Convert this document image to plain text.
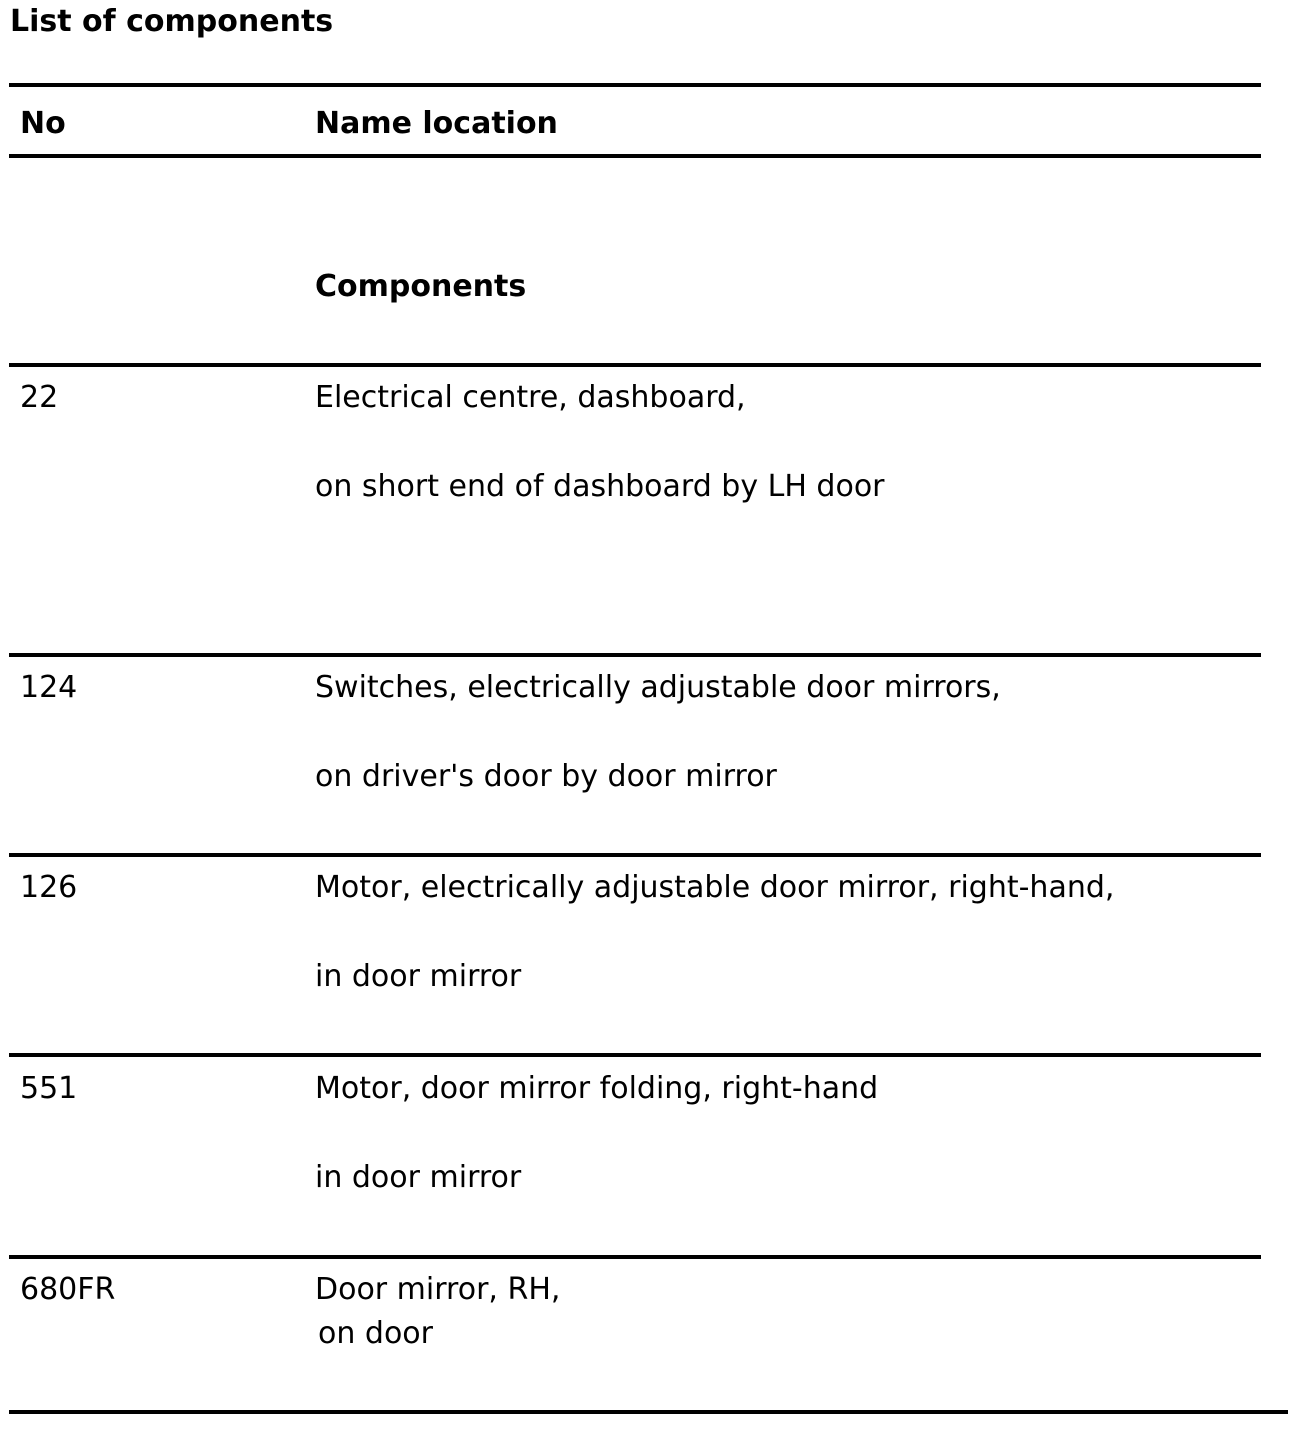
List of components
No	Name location
Components
22	Electrical centre, dashboard,
on short end of dashboard by LH door
124	Switches, electrically adjustable door mirrors,
on driver's door by door mirror
126	Motor, electrically adjustable door mirror, right-hand,
in door mirror
551	Motor, door mirror folding, right-hand
in door mirror
680FR	Door mirror, RH,
on door
